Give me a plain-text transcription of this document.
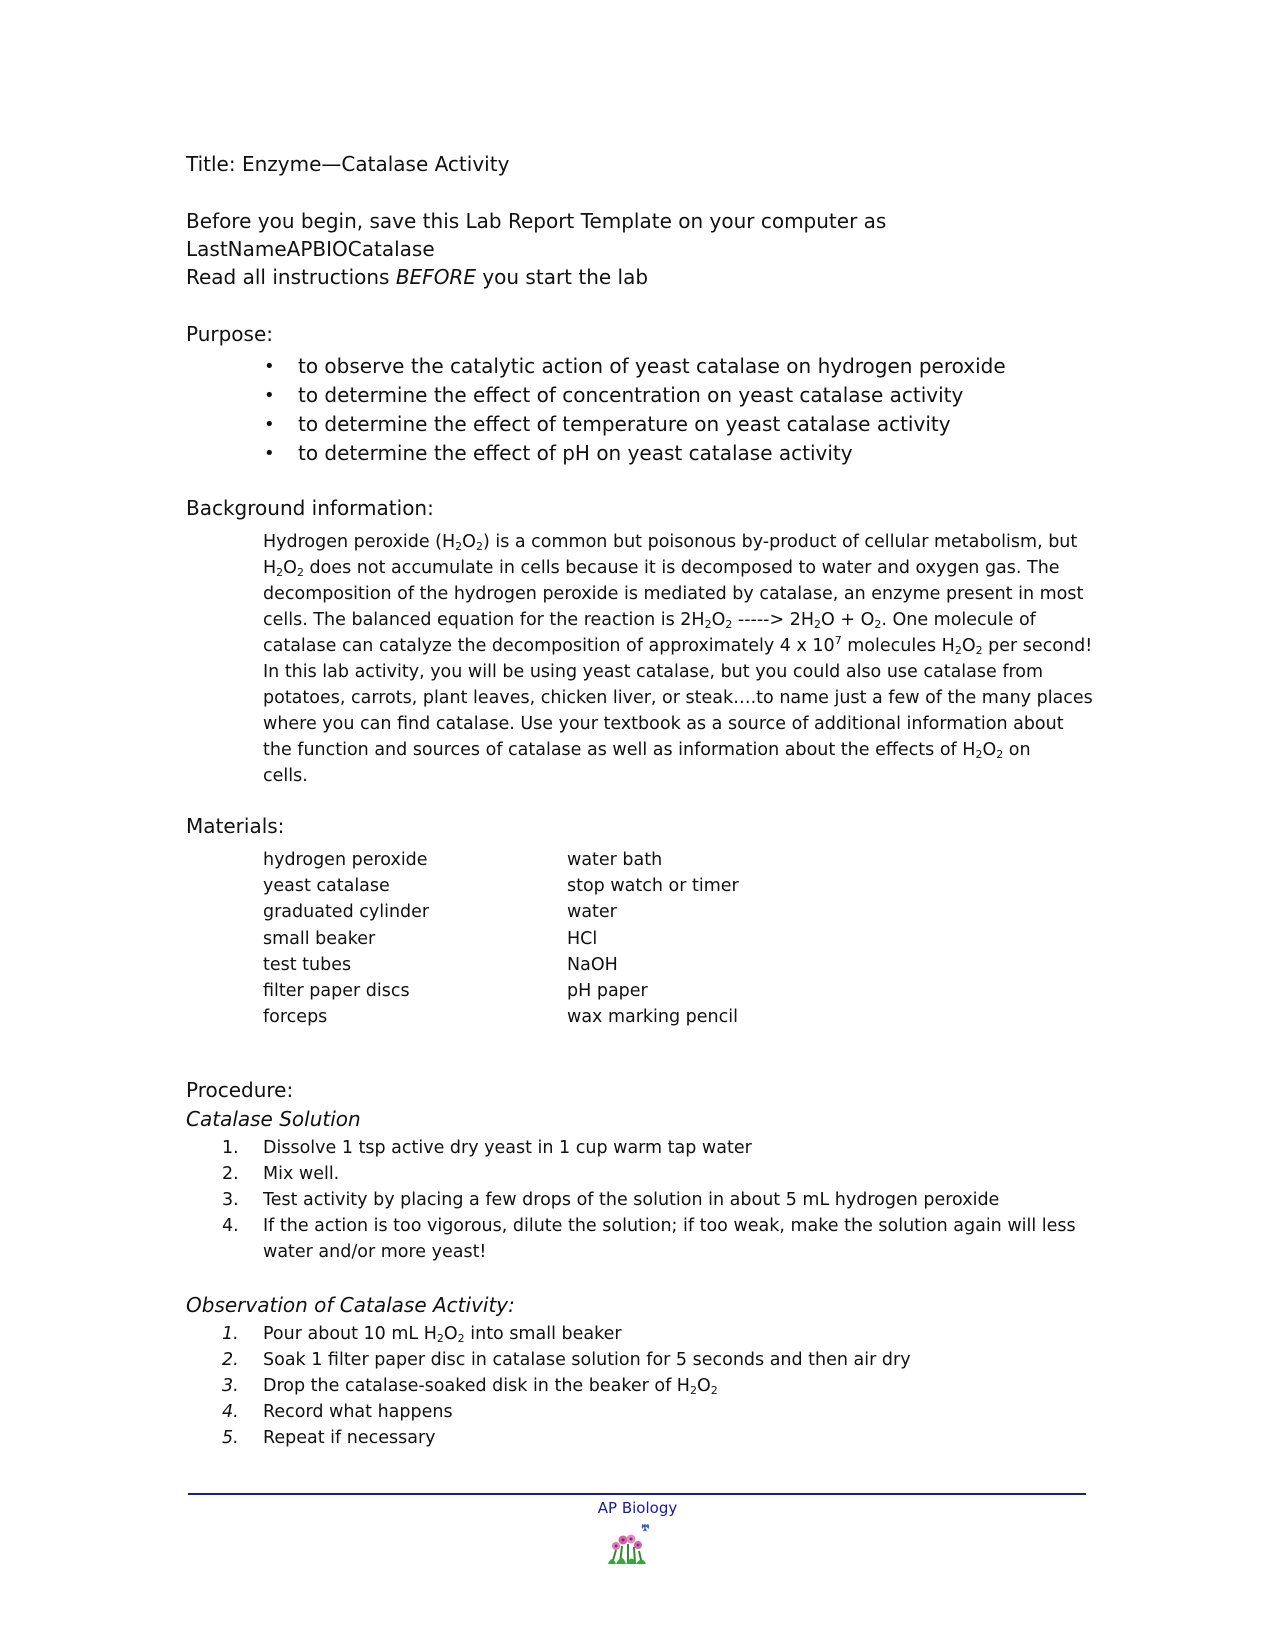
Title: Enzyme—Catalase Activity
Before you begin, save this Lab Report Template on your computer as
LastNameAPBIOCatalase
Read all instructions BEFORE you start the lab
Purpose:
• to observe the catalytic action of yeast catalase on hydrogen peroxide
• to determine the effect of concentration on yeast catalase activity
• to determine the effect of temperature on yeast catalase activity
• to determine the effect of pH on yeast catalase activity
Background information:
Hydrogen peroxide $(H_2O_2)$ is a common but poisonous by-product of cellular metabolism, but
$H_2O_2$ does not accumulate in cells because it is decomposed to water and oxygen gas. The
decomposition of the hydrogen peroxide is mediated by catalase, an enzyme present in most
cells. The balanced equation for the reaction is $2H_2O_2$ -----> $2H_2O + O_2$. One molecule of
catalase can catalyze the decomposition of approximately 4 x $10^7$ molecules $H_2O_2$ per second!
In this lab activity, you will be using yeast catalase, but you could also use catalase from
potatoes, carrots, plant leaves, chicken liver, or steak….to name just a few of the many places
where you can find catalase. Use your textbook as a source of additional information about
the function and sources of catalase as well as information about the effects of $H_2O_2$ on
cells.
Materials:
hydrogen peroxide
yeast catalase
graduated cylinder
small beaker
test tubes
filter paper discs
forceps
water bath
stop watch or timer
water
HCl
NaOH
pH paper
wax marking pencil
Procedure:
Catalase Solution
1. Dissolve 1 tsp active dry yeast in 1 cup warm tap water
2. Mix well.
3. Test activity by placing a few drops of the solution in about 5 mL hydrogen peroxide
4. If the action is too vigorous, dilute the solution; if too weak, make the solution again will less
water and/or more yeast!
Observation of Catalase Activity:
1. Pour about 10 mL $H_2O_2$ into small beaker
2. Soak 1 filter paper disc in catalase solution for 5 seconds and then air dry
3. Drop the catalase-soaked disk in the beaker of $H_2O_2$
4. Record what happens
5. Repeat if necessary
AP Biology
